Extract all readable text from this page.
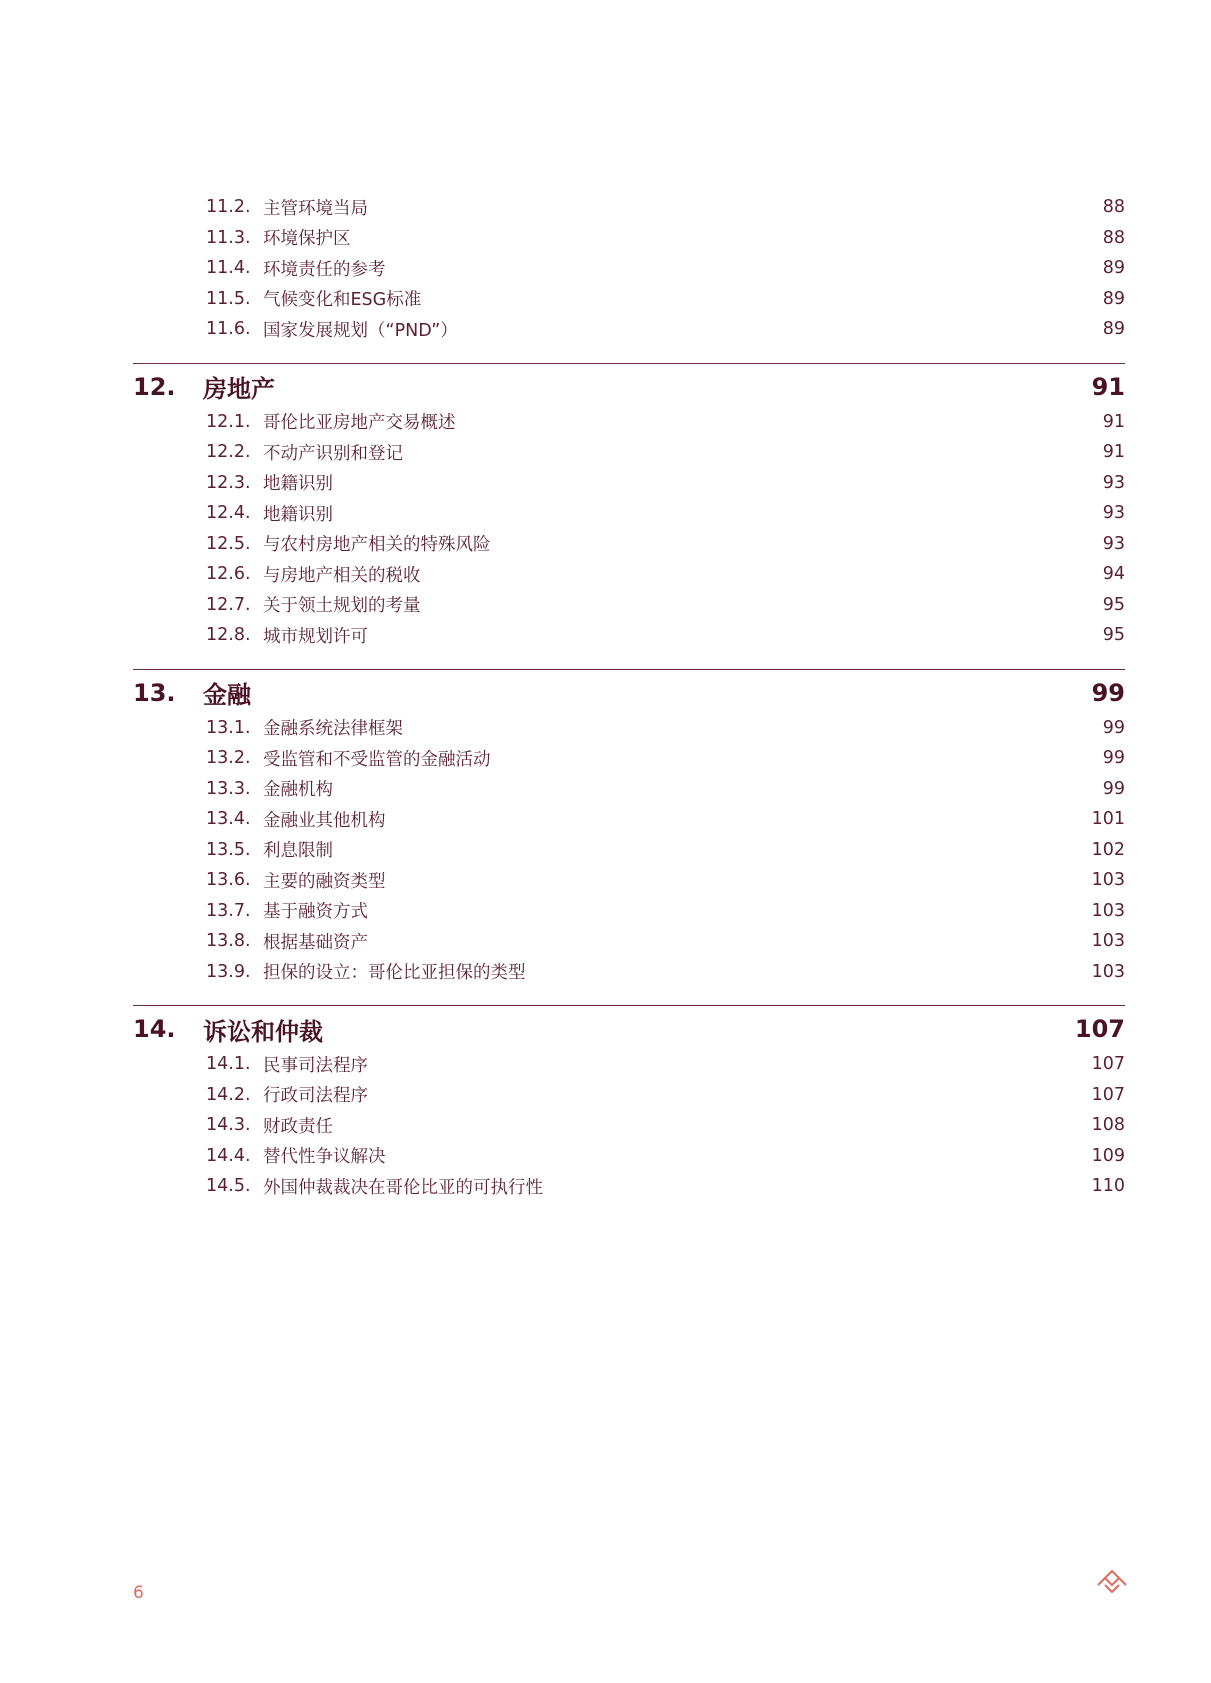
11.2. 主管环境当局	88
11.3. 环境保护区	88
11.4. 环境责任的参考	89
11.5. 气候变化和ESG标准	89
11.6. 国家发展规划（“PND”）	89
12.	房地产	91
12.1. 哥伦比亚房地产交易概述	91
12.2. 不动产识别和登记	91
12.3. 地籍识别	93
12.4. 地籍识别	93
12.5. 与农村房地产相关的特殊风险	93
12.6. 与房地产相关的税收	94
12.7. 关于领土规划的考量	95
12.8. 城市规划许可	95
13.	金融	99
13.1. 金融系统法律框架	99
13.2. 受监管和不受监管的金融活动	99
13.3. 金融机构	99
13.4. 金融业其他机构	101
13.5. 利息限制	102
13.6. 主要的融资类型	103
13.7. 基于融资方式	103
13.8. 根据基础资产	103
13.9. 担保的设立：哥伦比亚担保的类型	103
14.	诉讼和仲裁	107
14.1. 民事司法程序	107
14.2. 行政司法程序	107
14.3. 财政责任	108
14.4. 替代性争议解决	109
14.5. 外国仲裁裁决在哥伦比亚的可执行性	110
6
